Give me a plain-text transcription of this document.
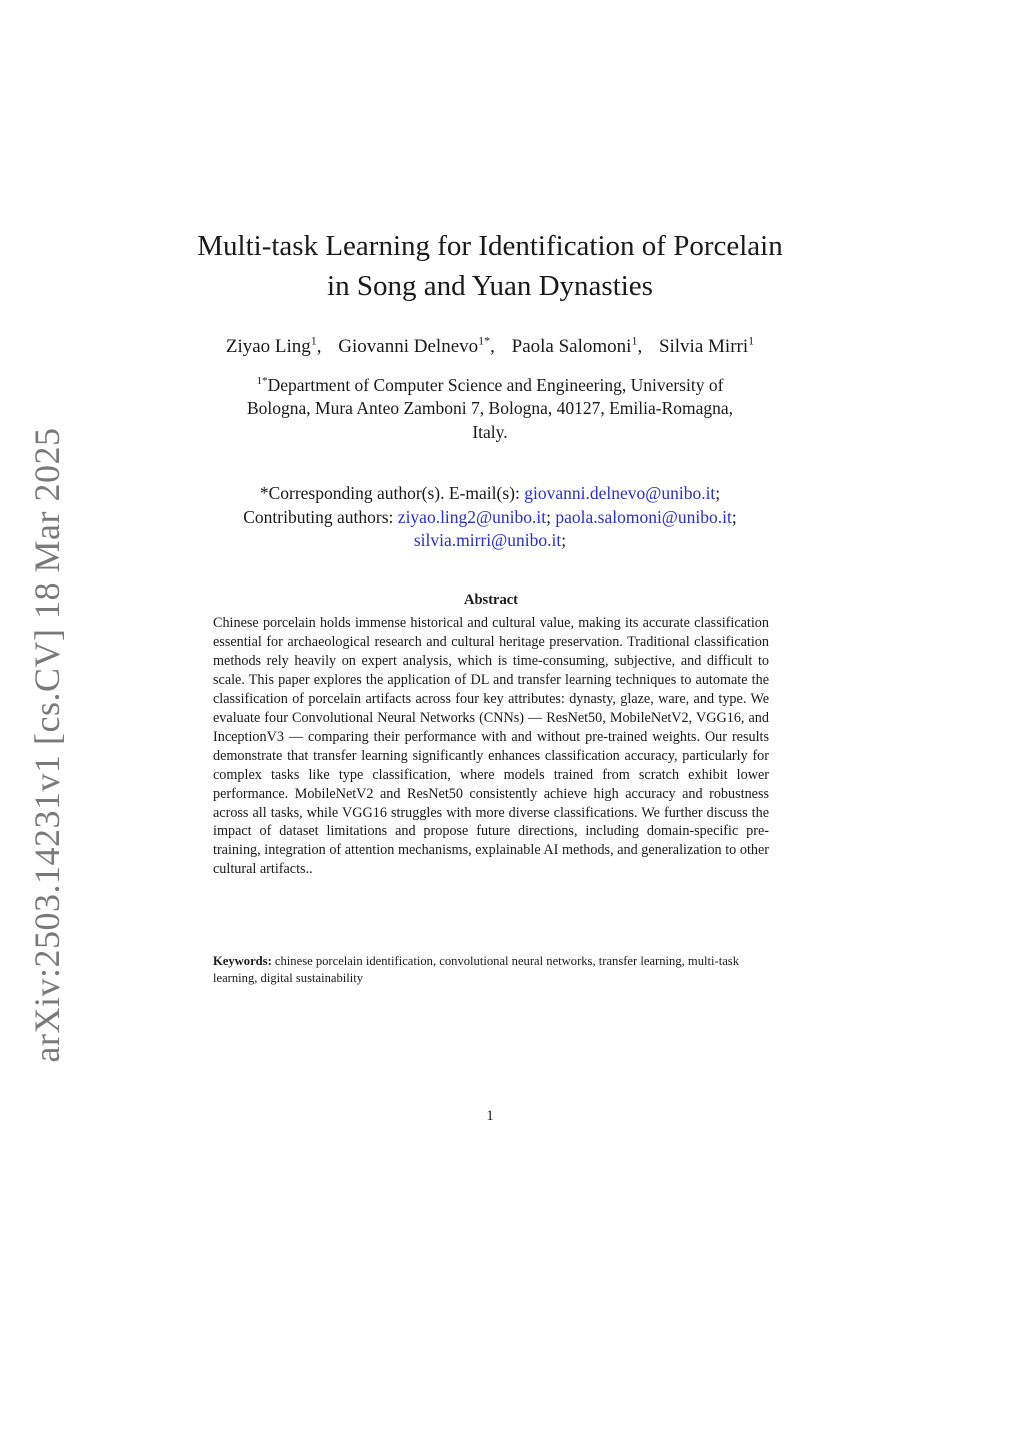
arXiv:2503.14231v1 [cs.CV] 18 Mar 2025
Multi-task Learning for Identification of Porcelain
in Song and Yuan Dynasties
Ziyao Ling$^1$, Giovanni Delnevo$^{1*}$, Paola Salomoni$^1$, Silvia Mirri$^1$
$^{1*}$Department of Computer Science and Engineering, University of
Bologna, Mura Anteo Zamboni 7, Bologna, 40127, Emilia-Romagna,
Italy.
*Corresponding author(s). E-mail(s): giovanni.delnevo@unibo.it;
Contributing authors: ziyao.ling2@unibo.it; paola.salomoni@unibo.it;
silvia.mirri@unibo.it;
Abstract
Chinese porcelain holds immense historical and cultural value, making its accurate classification essential for archaeological research and cultural heritage preservation. Traditional classification methods rely heavily on expert analysis, which is time-consuming, subjective, and difficult to scale. This paper explores the application of DL and transfer learning techniques to automate the classification of porcelain artifacts across four key attributes: dynasty, glaze, ware, and type. We evaluate four Convolutional Neural Networks (CNNs) — ResNet50, MobileNetV2, VGG16, and InceptionV3 — comparing their performance with and without pre-trained weights. Our results demonstrate that transfer learning significantly enhances classification accuracy, particularly for complex tasks like type classification, where models trained from scratch exhibit lower performance. MobileNetV2 and ResNet50 consistently achieve high accuracy and robustness across all tasks, while VGG16 struggles with more diverse classifications. We further discuss the impact of dataset limitations and propose future directions, including domain-specific pre-training, integration of attention mechanisms, explainable AI methods, and generalization to other cultural artifacts..
Keywords: chinese porcelain identification, convolutional neural networks, transfer learning, multi-task learning, digital sustainability
1
